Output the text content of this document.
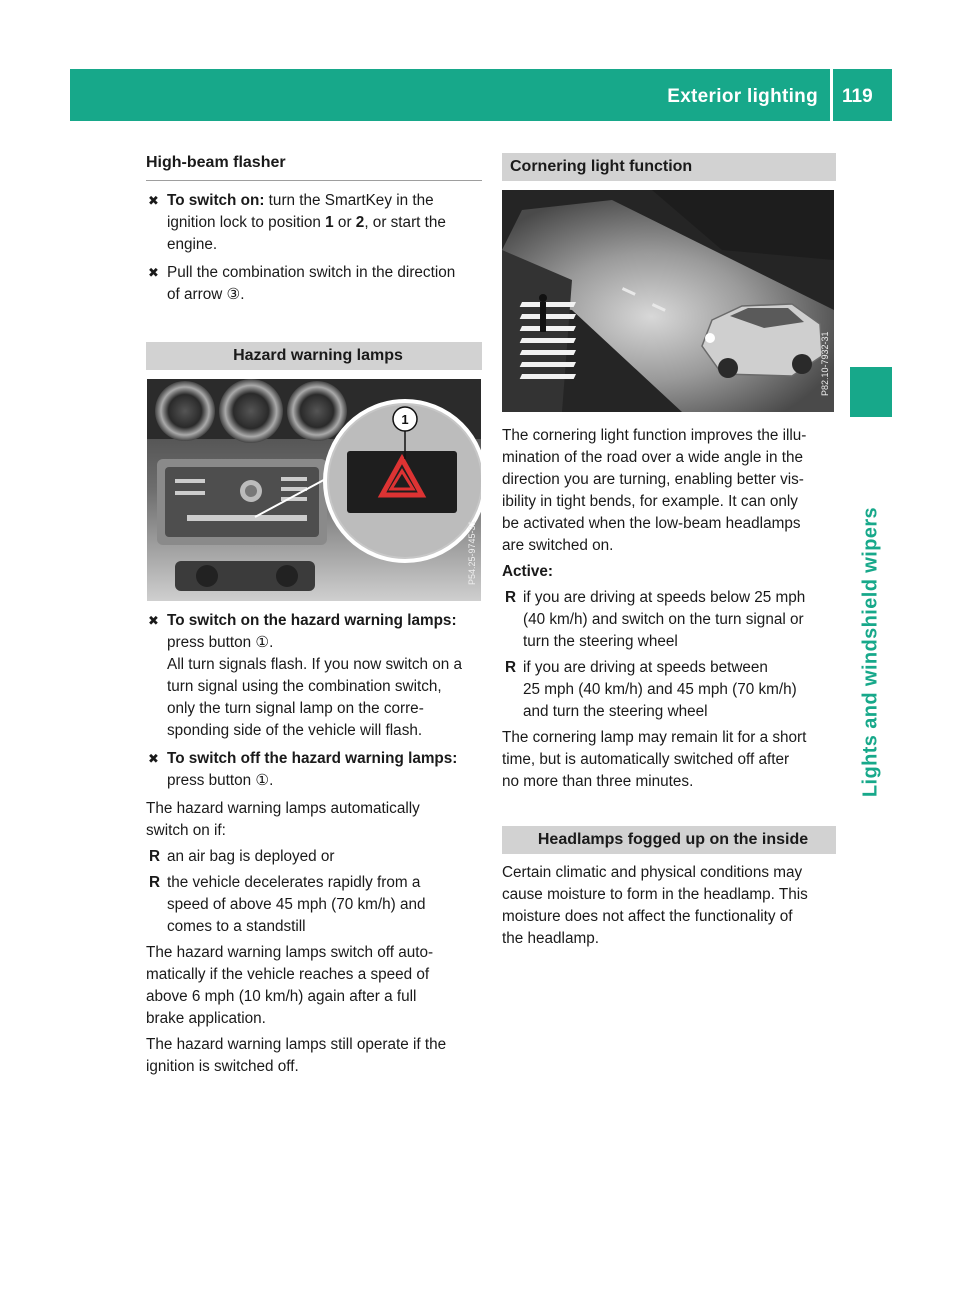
Exterior lighting 119
Lights and windshield wipers
High-beam flasher
✖ To switch on: turn the SmartKey in the
ignition lock to position 1 or 2, or start the
engine.
✖ Pull the combination switch in the direction
of arrow ③.
Hazard warning lamps
1
P54.25-9745-31
✖ To switch on the hazard warning lamps:
press button ①.
All turn signals flash. If you now switch on a
turn signal using the combination switch,
only the turn signal lamp on the corre-
sponding side of the vehicle will flash.
✖ To switch off the hazard warning lamps:
press button ①.
The hazard warning lamps automatically
switch on if:
R an air bag is deployed or
R the vehicle decelerates rapidly from a
speed of above 45 mph (70 km/h) and
comes to a standstill
The hazard warning lamps switch off auto-
matically if the vehicle reaches a speed of
above 6 mph (10 km/h) again after a full
brake application.
The hazard warning lamps still operate if the
ignition is switched off.
Cornering light function
P82.10-7932-31
The cornering light function improves the illu-
mination of the road over a wide angle in the
direction you are turning, enabling better vis-
ibility in tight bends, for example. It can only
be activated when the low-beam headlamps
are switched on.
Active:
R if you are driving at speeds below 25 mph
(40 km/h) and switch on the turn signal or
turn the steering wheel
R if you are driving at speeds between
25 mph (40 km/h) and 45 mph (70 km/h)
and turn the steering wheel
The cornering lamp may remain lit for a short
time, but is automatically switched off after
no more than three minutes.
Headlamps fogged up on the inside
Certain climatic and physical conditions may
cause moisture to form in the headlamp. This
moisture does not affect the functionality of
the headlamp.
